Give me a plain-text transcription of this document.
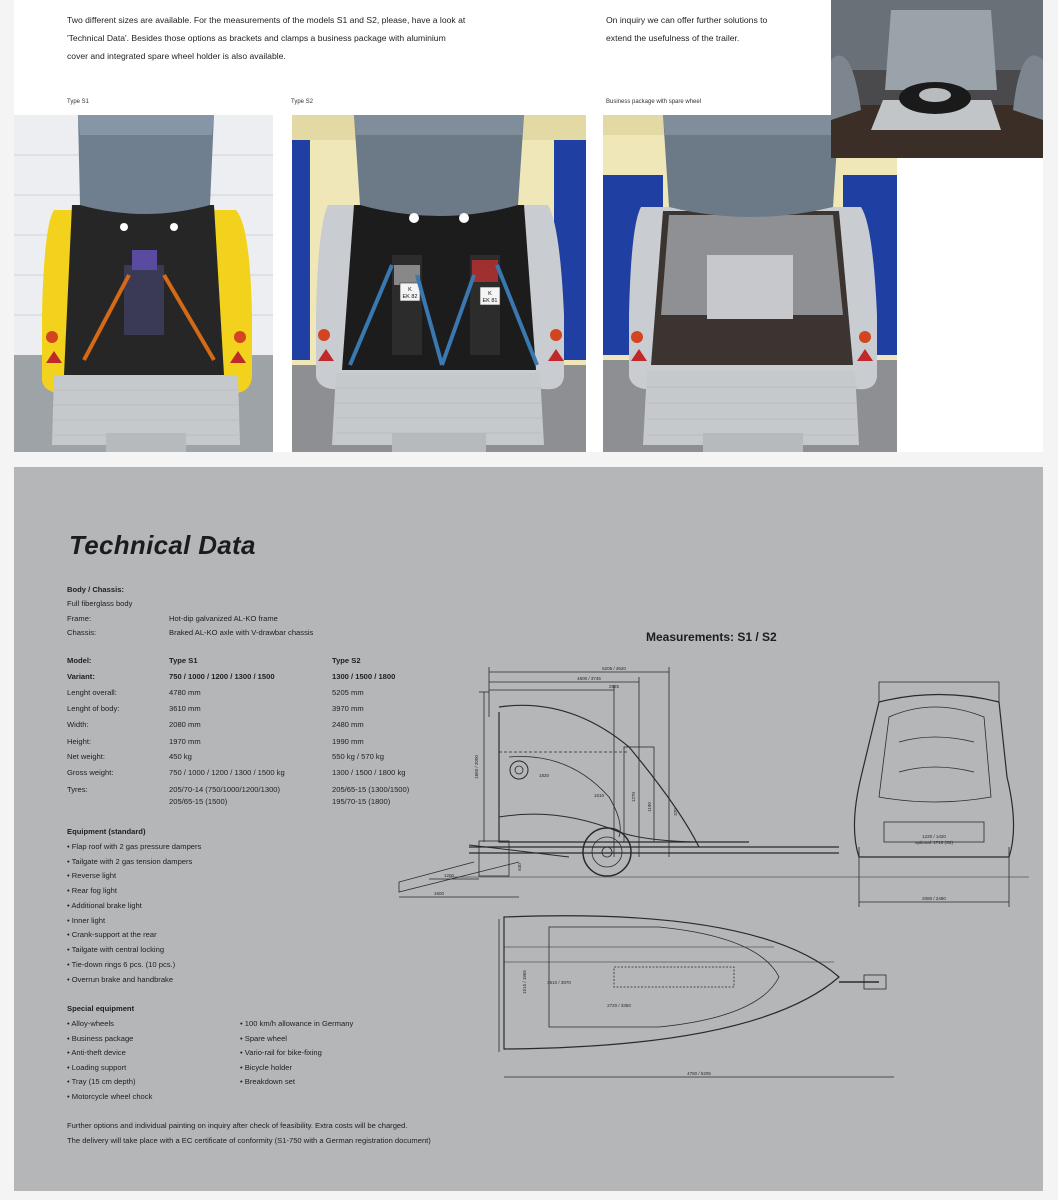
Two different sizes are available. For the measurements of the models S1 and S2, please, have a look at
'Technical Data'. Besides those options as brackets and clamps a business package with aluminium
cover and integrated spare wheel holder is also available.
On inquiry we can offer further solutions to
extend the usefulness of the trailer.
Type S1	Type S2	Business package with spare wheel
K
EK 82	K
EK 81
Technical Data
Body / Chassis:
Full fiberglass body
Frame:	Hot-dip galvanized AL-KO frame
Chassis:	Braked AL-KO axle with V-drawbar chassis
Model:	Type S1	Type S2
Variant:	750 / 1000 / 1200 / 1300 / 1500	1300 / 1500 / 1800
Lenght overall:	4780 mm	5205 mm
Lenght of body:	3610 mm	3970 mm
Width:	2080 mm	2480 mm
Height:	1970 mm	1990 mm
Net weight:	450 kg	550 kg / 570 kg
Gross weight:	750 / 1000 / 1200 / 1300 / 1500 kg	1300 / 1500 / 1800 kg
Tyres:	205/70-14 (750/1000/1200/1300)	205/65-15 (1300/1500)
205/65-15 (1500)	195/70-15 (1800)
Equipment (standard)
• Flap roof with 2 gas pressure dampers
• Tailgate with 2 gas tension dampers
• Reverse light
• Rear fog light
• Additional brake light
• Inner light
• Crank-support at the rear
• Tailgate with central locking
• Tie-down rings 6 pcs. (10 pcs.)
• Overrun brake and handbrake
Special equipment
• Alloy-wheels
• Business package
• Anti-theft device
• Loading support
• Tray (15 cm depth)
• Motorcycle wheel chock
• 100 km/h allowance in Germany
• Spare wheel
• Vario-rail for bike-fixing
• Bicycle holder
• Breakdown set
Further options and individual painting on inquiry after check of feasibility. Extra costs will be charged.
The delivery will take place with a EC certificate of conformity (S1-750 with a German registration document)
Measurements: S1 / S2
5205 / 4620
4600 / 3745
2925
1860 / 2000	1820
1510	1270
1190
370
640
1200
1600
1220 / 1420
optional: 1710 (S2)
2080 / 2480
1515 / 1865	3610 / 3970
2720 / 3350
4780 / 5205
